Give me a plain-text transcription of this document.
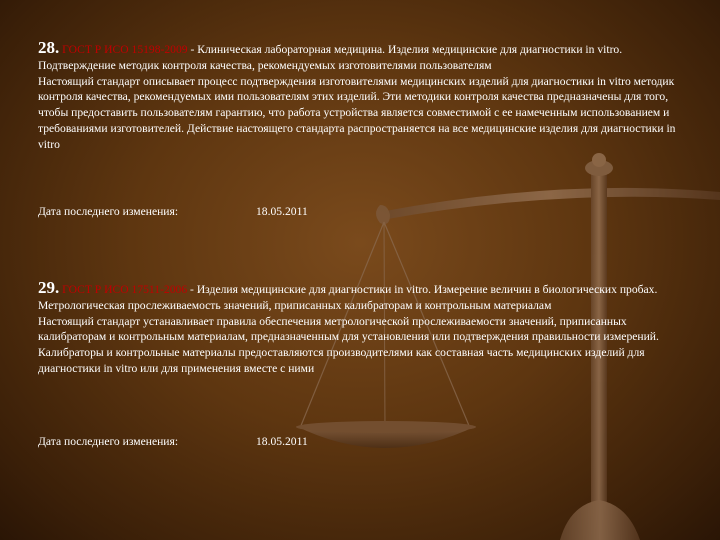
28. ГОСТ Р ИСО 15198-2009 - Клиническая лабораторная медицина. Изделия медицинские для диагностики in vitro. Подтверждение методик контроля качества, рекомендуемых изготовителями пользователям
Настоящий стандарт описывает процесс подтверждения изготовителями медицинских изделий для диагностики in vitro методик контроля качества, рекомендуемых ими пользователям этих изделий. Эти методики контроля качества предназначены для того, чтобы предоставить пользователям гарантию, что работа устройства является совместимой с ее намеченным использованием и требованиями изготовителей. Действие настоящего стандарта распространяется на все медицинские изделия для диагностики in vitro
Дата последнего изменения:	18.05.2011
29. ГОСТ Р ИСО 17511-2006 - Изделия медицинские для диагностики in vitro. Измерение величин в биологических пробах. Метрологическая прослеживаемость значений, приписанных калибраторам и контрольным материалам
Настоящий стандарт устанавливает правила обеспечения метрологической прослеживаемости значений, приписанных калибраторам и контрольным материалам, предназначенным для установления или подтверждения правильности измерений. Калибраторы и контрольные материалы предоставляются производителями как составная часть медицинских изделий для диагностики in vitro или для применения вместе с ними
Дата последнего изменения:	18.05.2011
